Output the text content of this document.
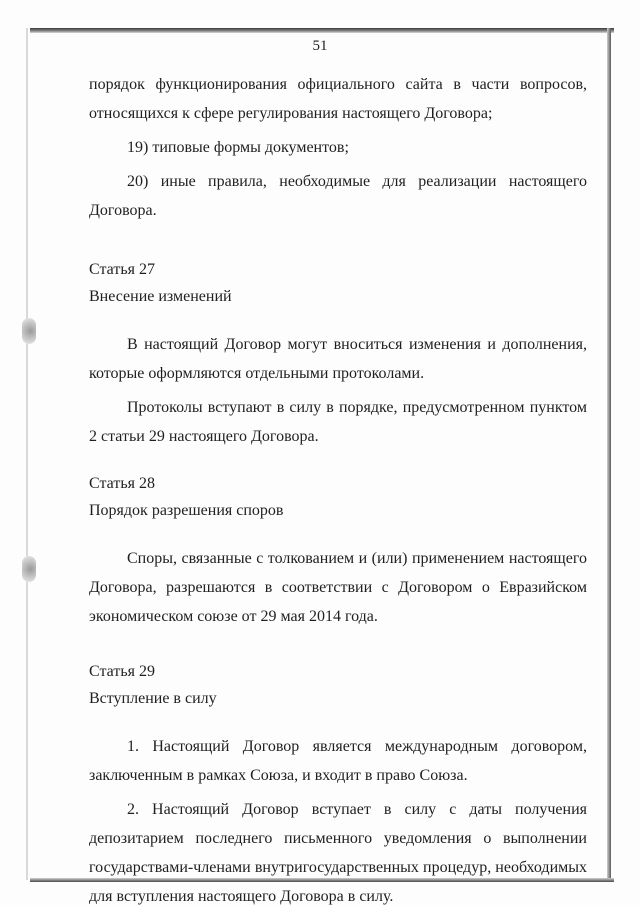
51

порядок функционирования официального сайта в части вопросов, относящихся к сфере регулирования настоящего Договора;

19) типовые формы документов;

20) иные правила, необходимые для реализации настоящего Договора.

Статья 27

Внесение изменений

В настоящий Договор могут вноситься изменения и дополнения, которые оформляются отдельными протоколами.

Протоколы вступают в силу в порядке, предусмотренном пунктом 2 статьи 29 настоящего Договора.

Статья 28

Порядок разрешения споров

Споры, связанные с толкованием и (или) применением настоящего Договора, разрешаются в соответствии с Договором о Евразийском экономическом союзе от 29 мая 2014 года.

Статья 29

Вступление в силу

1. Настоящий Договор является международным договором, заключенным в рамках Союза, и входит в право Союза.

2. Настоящий Договор вступает в силу с даты получения депозитарием последнего письменного уведомления о выполнении государствами-членами внутригосударственных процедур, необходимых для вступления настоящего Договора в силу.
